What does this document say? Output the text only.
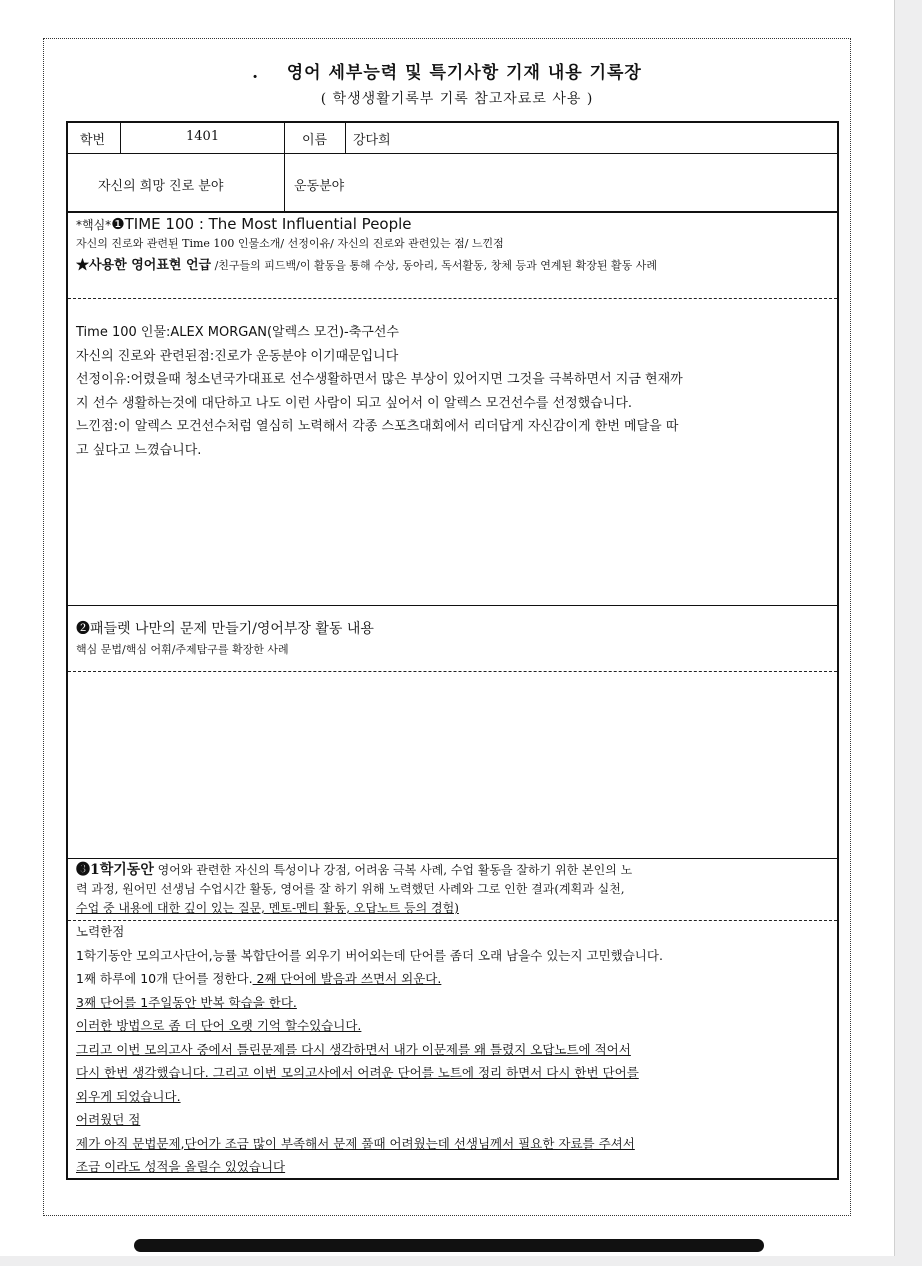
. 영어 세부능력 및 특기사항 기재 내용 기록장
( 학생생활기록부 기록 참고자료로 사용 )
학번	1401	이름 강다희
자신의 희망 진로 분야	운동분야
*핵심*❶TIME 100 : The Most Influential People
자신의 진로와 관련된 Time 100 인물소개/ 선정이유/ 자신의 진로와 관련있는 점/ 느낀점
★사용한 영어표현 언급 /친구들의 피드백/이 활동을 통해 수상, 동아리, 독서활동, 창체 등과 연계된 확장된 활동 사례
Time 100 인물:ALEX MORGAN(알렉스 모건)-축구선수
자신의 진로와 관련된점:진로가 운동분야 이기때문입니다
선정이유:어렸을때 청소년국가대표로 선수생활하면서 많은 부상이 있어지면 그것을 극복하면서 지금 현재까
지 선수 생활하는것에 대단하고 나도 이런 사람이 되고 싶어서 이 알렉스 모건선수를 선정했습니다.
느낀점:이 알렉스 모건선수처럼 열심히 노력해서 각종 스포츠대회에서 리더답게 자신감이게 한번 메달을 따
고 싶다고 느꼈습니다.
❷패들렛 나만의 문제 만들기/영어부장 활동 내용
핵심 문법/핵심 어휘/주제탐구를 확장한 사례
❸1학기동안 영어와 관련한 자신의 특성이나 강점, 어려움 극복 사례, 수업 활동을 잘하기 위한 본인의 노
력 과정, 원어민 선생님 수업시간 활동, 영어를 잘 하기 위해 노력했던 사례와 그로 인한 결과(계획과 실천,
수업 중 내용에 대한 깊이 있는 질문, 멘토-멘티 활동, 오답노트 등의 경험)
노력한점
1학기동안 모의고사단어,능률 복합단어를 외우기 버어외는데 단어를 좀더 오래 남을수 있는지 고민했습니다.
1째 하루에 10개 단어를 정한다. 2째 단어에 발음과 쓰면서 외운다.
3째 단어를 1주일동안 반복 학습을 한다.
이러한 방법으로 좀 더 단어 오랫 기억 할수있습니다.
그리고 이번 모의고사 중에서 틀린문제를 다시 생각하면서 내가 이문제를 왜 틀렸지 오답노트에 적어서
다시 한번 생각했습니다. 그리고 이번 모의고사에서 어려운 단어를 노트에 정리 하면서 다시 한번 단어를
외우게 되었습니다.
어려웠던 점
제가 아직 문법문제,단어가 조금 많이 부족해서 문제 풀때 어려웠는데 선생님께서 필요한 자료를 주셔서
조금 이라도 성적을 올릴수 있었습니다
